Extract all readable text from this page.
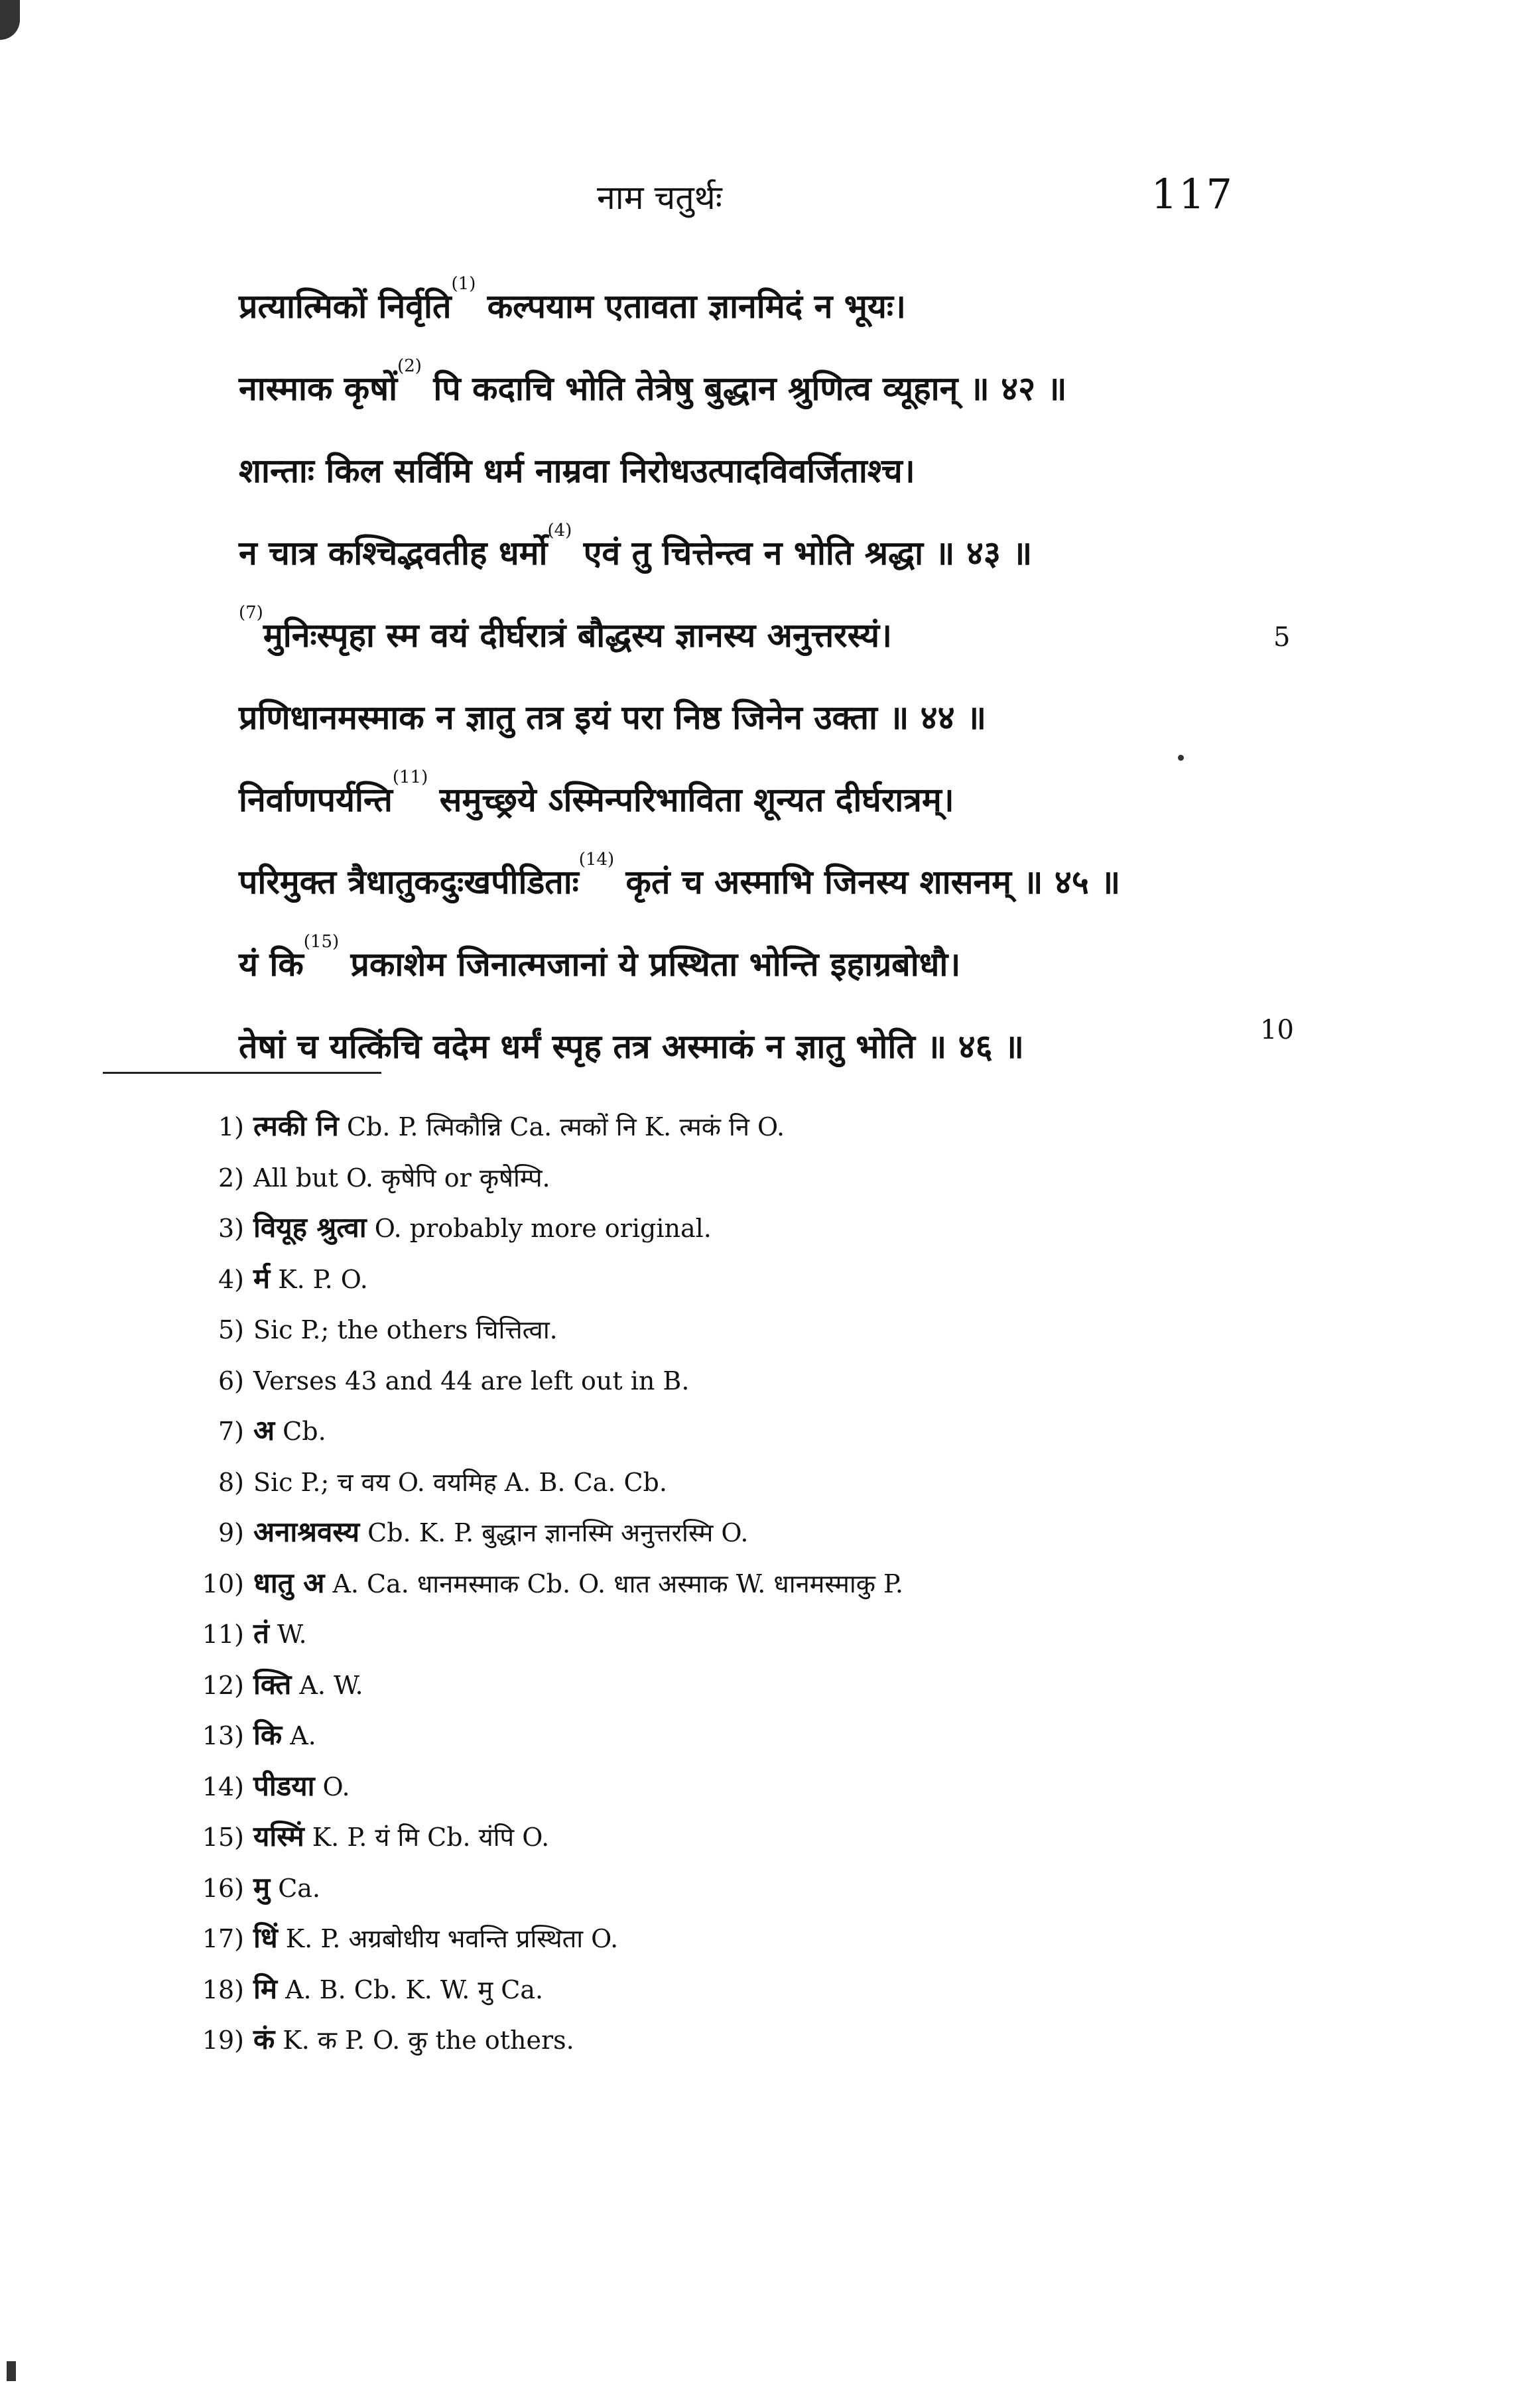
नाम चतुर्थः	117
प्रत्यात्मिकों निर्वृति$^{(1)}$ कल्पयाम एतावता ज्ञानमिदं न भूयः।
नास्माक कृषों$^{(2)}$ पि कदाचि भोति तेत्रेषु बुद्धान श्रुणित्व व्यूहान् ॥ ४२ ॥
शान्ताः किल सर्विमि धर्म नाम्रवा निरोधउत्पादविवर्जिताश्च।
न चात्र कश्चिद्भवतीह धर्मो$^{(4)}$ एवं तु चित्तेन्त्व न भोति श्रद्धा ॥ ४३ ॥
$^{(7)}$मुनिःस्पृहा स्म वयं दीर्घरात्रं बौद्धस्य ज्ञानस्य अनुत्तरस्यं।
प्रणिधानमस्माक न ज्ञातु तत्र इयं परा निष्ठ जिनेन उक्ता ॥ ४४ ॥
निर्वाणपर्यन्ति$^{(11)}$ समुच्छ्रये ऽस्मिन्परिभाविता शून्यत दीर्घरात्रम्।
परिमुक्त त्रैधातुकदुःखपीडिताः$^{(14)}$ कृतं च अस्माभि जिनस्य शासनम् ॥ ४५ ॥
यं कि$^{(15)}$ प्रकाशेम जिनात्मजानां ये प्रस्थिता भोन्ति इहाग्रबोधौ।
तेषां च यत्किंचि वदेम धर्मं स्पृह तत्र अस्माकं न ज्ञातु भोति ॥ ४६ ॥
5
10
1) त्मकी नि Cb. P. त्मिकौन्नि Ca. त्मकों नि K. त्मकं नि O.
2) All but O. कृषेपि or कृषेम्पि.
3) वियूह श्रुत्वा O. probably more original.
4) र्म K. P. O.
5) Sic P.; the others चित्तित्वा.
6) Verses 43 and 44 are left out in B.
7) अ Cb.
8) Sic P.; च वय O. वयमिह A. B. Ca. Cb.
9) अनाश्रवस्य Cb. K. P. बुद्धान ज्ञानस्मि अनुत्तरस्मि O.
10) धातु अ A. Ca. धानमस्माक Cb. O. धात अस्माक W. धानमस्माकु P.
11) तं W.
12) क्ति A. W.
13) कि A.
14) पीडया O.
15) यस्मिं K. P. यं मि Cb. यंपि O.
16) मु Ca.
17) धिं K. P. अग्रबोधीय भवन्ति प्रस्थिता O.
18) मि A. B. Cb. K. W. मु Ca.
19) कं K. क P. O. कु the others.
